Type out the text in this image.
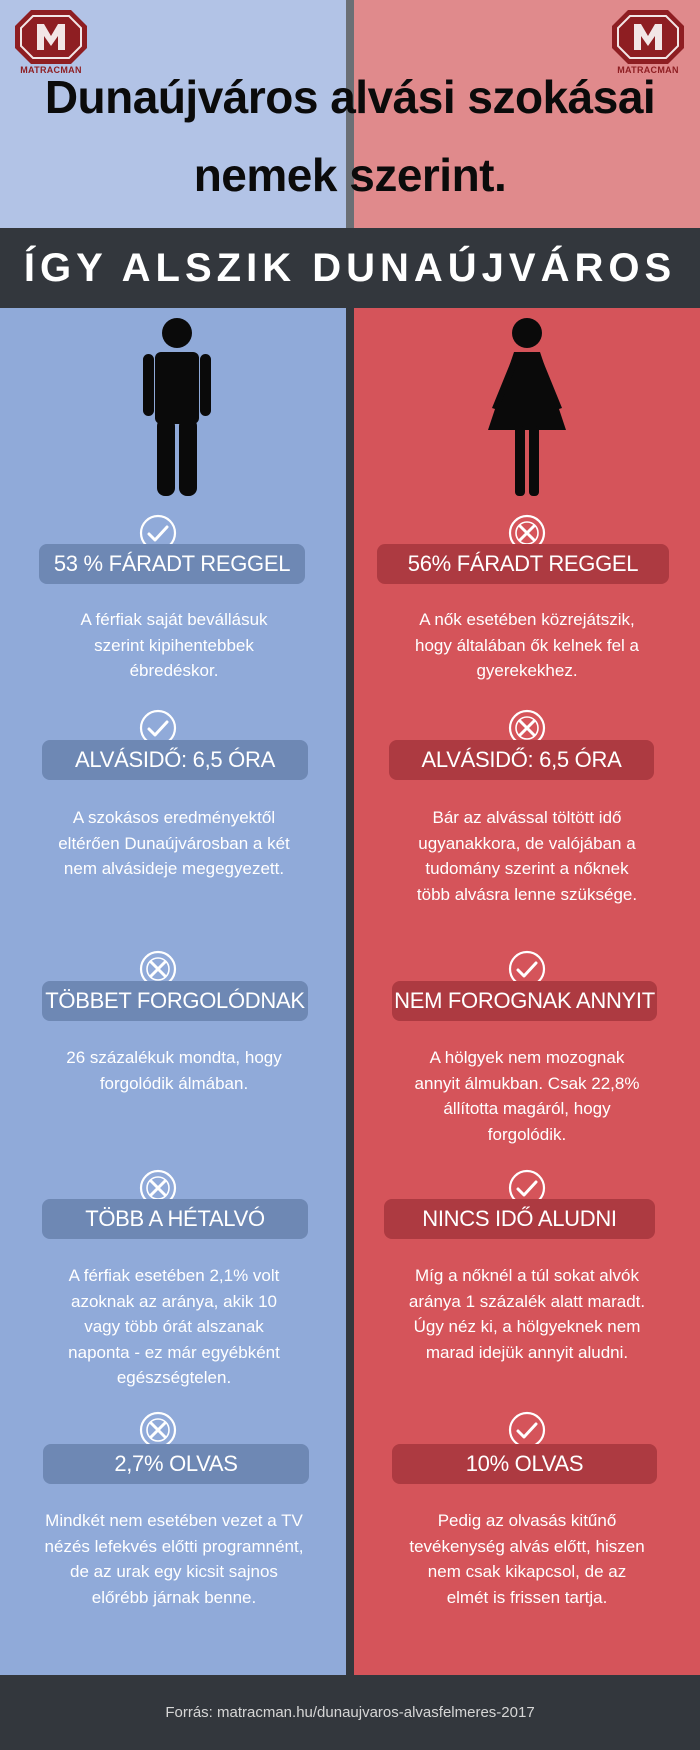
MATRACMAN	MATRACMAN
Dunaújváros alvási szokásai
nemek szerint.
ÍGY ALSZIK DUNAÚJVÁROS
53 % FÁRADT REGGEL
A férfiak saját bevállásuk
szerint kipihentebbek
ébredéskor.
ALVÁSIDŐ: 6,5 ÓRA
A szokásos eredményektől
eltérően Dunaújvárosban a két
nem alvásideje megegyezett.
TÖBBET FORGOLÓDNAK
26 százalékuk mondta, hogy
forgolódik álmában.
TÖBB A HÉTALVÓ
A férfiak esetében 2,1% volt
azoknak az aránya, akik 10
vagy több órát alszanak
naponta - ez már egyébként
egészségtelen.
2,7% OLVAS
Mindkét nem esetében vezet a TV
nézés lefekvés előtti programnént,
de az urak egy kicsit sajnos
előrébb járnak benne.
56% FÁRADT REGGEL
A nők esetében közrejátszik,
hogy általában ők kelnek fel a
gyerekekhez.
ALVÁSIDŐ: 6,5 ÓRA
Bár az alvással töltött idő
ugyanakkora, de valójában a
tudomány szerint a nőknek
több alvásra lenne szüksége.
NEM FOROGNAK ANNYIT
A hölgyek nem mozognak
annyit álmukban. Csak 22,8%
állította magáról, hogy
forgolódik.
NINCS IDŐ ALUDNI
Míg a nőknél a túl sokat alvók
aránya 1 százalék alatt maradt.
Úgy néz ki, a hölgyeknek nem
marad idejük annyit aludni.
10% OLVAS
Pedig az olvasás kitűnő
tevékenység alvás előtt, hiszen
nem csak kikapcsol, de az
elmét is frissen tartja.
Forrás: matracman.hu/dunaujvaros-alvasfelmeres-2017
